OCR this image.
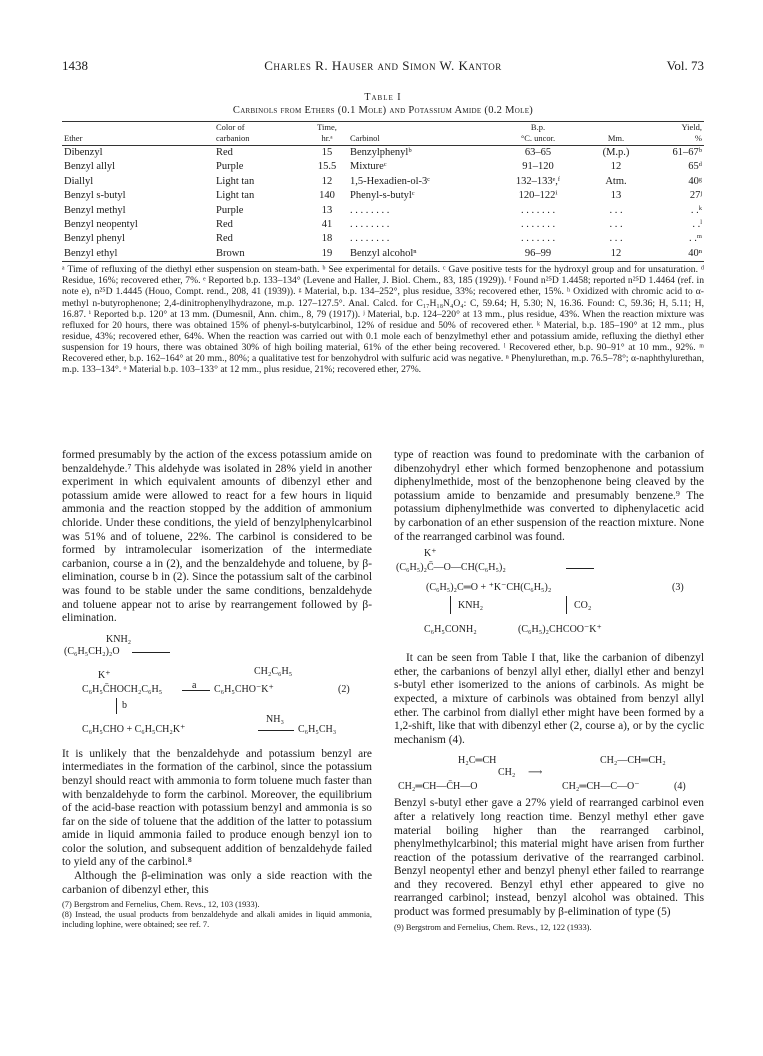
1438	Charles R. Hauser and Simon W. Kantor	Vol. 73
Table I
Carbinols from Ethers (0.1 Mole) and Potassium Amide (0.2 Mole)
	Color of	Time,		B.p.		Yield,
Ether	carbanion	hr.ᵃ	Carbinol	°C. uncor.	Mm.	%
Dibenzyl	Red	15	Benzylphenylᵇ	63–65	(M.p.)	61–67ᵇ
Benzyl allyl	Purple	15.5	Mixtureᶜ	91–120	12	65ᵈ
Diallyl	Light tan	12	1,5-Hexadien-ol-3ᶜ	132–133ᵉ,ᶠ	Atm.	40ᵍ
Benzyl s-butyl	Light tan	140	Phenyl-s-butylᶜ	120–122ⁱ	13	27ʲ
Benzyl methyl	Purple	13	. . . . . . . .	. . . . . . .	. . .	. .ᵏ
Benzyl neopentyl	Red	41	. . . . . . . .	. . . . . . .	. . .	. .ˡ
Benzyl phenyl	Red	18	. . . . . . . .	. . . . . . .	. . .	. .ᵐ
Benzyl ethyl	Brown	19	Benzyl alcoholⁿ	96–99	12	40ⁿ
ᵃ Time of refluxing of the diethyl ether suspension on steam-bath. ᵇ See experimental for details. ᶜ Gave positive tests for the hydroxyl group and for unsaturation. ᵈ Residue, 16%; recovered ether, 7%. ᵉ Reported b.p. 133–134° (Levene and Haller, J. Biol. Chem., 83, 185 (1929)). ᶠ Found n²⁵D 1.4458; reported n²⁵D 1.4464 (ref. in note e), n²⁵D 1.4445 (Houo, Compt. rend., 208, 41 (1939)). ᵍ Material, b.p. 134–252°, plus residue, 33%; recovered ether, 15%. ʰ Oxidized with chromic acid to α-methyl n-butyrophenone; 2,4-dinitrophenylhydrazone, m.p. 127–127.5°. Anal. Calcd. for C₁₇H₁₈N₄O₄: C, 59.64; H, 5.30; N, 16.36. Found: C, 59.36; H, 5.11; H, 16.87. ⁱ Reported b.p. 120° at 13 mm. (Dumesnil, Ann. chim., 8, 79 (1917)). ʲ Material, b.p. 124–220° at 13 mm., plus residue, 43%. When the reaction mixture was refluxed for 20 hours, there was obtained 15% of phenyl-s-butylcarbinol, 12% of residue and 50% of recovered ether. ᵏ Material, b.p. 185–190° at 12 mm., plus residue, 43%; recovered ether, 64%. When the reaction was carried out with 0.1 mole each of benzylmethyl ether and potassium amide, refluxing the diethyl ether suspension for 19 hours, there was obtained 30% of high boiling material, 61% of the ether being recovered. ˡ Recovered ether, b.p. 90–91° at 10 mm., 92%. ᵐ Recovered ether, b.p. 162–164° at 20 mm., 80%; a qualitative test for benzohydrol with sulfuric acid was negative. ⁿ Phenylurethan, m.p. 76.5–78°; α-naphthylurethan, m.p. 133–134°. ᵒ Material b.p. 103–133° at 12 mm., plus residue, 21%; recovered ether, 27%.

formed presumably by the action of the excess potassium amide on benzaldehyde.⁷ This aldehyde was isolated in 28% yield in another experiment in which equivalent amounts of dibenzyl ether and potassium amide were allowed to react for a few hours in liquid ammonia and the reaction stopped by the addition of ammonium chloride. Under these conditions, the yield of benzylphenylcarbinol was 51% and of toluene, 22%. The carbinol is considered to be formed by intramolecular isomerization of the intermediate carbanion, course a in (2), and the benzaldehyde and toluene, by β-elimination, course b in (2). Since the potassium salt of the carbinol was found to be stable under the same conditions, benzaldehyde and toluene appear not to arise by rearrangement followed by β-elimination.

KNH₂
(C₆H₅CH₂)₂O
K⁺	CH₂C₆H₅
a
C₆H₅C̄HOCH₂C₆H₅	C₆H₅CHO⁻K⁺	(2)
b
NH₃
C₆H₅CHO + C₆H₅CH₂K⁺	C₆H₅CH₃

It is unlikely that the benzaldehyde and potassium benzyl are intermediates in the formation of the carbinol, since the potassium benzyl should react with ammonia to form toluene much faster than with benzaldehyde to form the carbinol. Moreover, the equilibrium of the acid-base reaction with potassium benzyl and ammonia is so far on the side of toluene that the addition of the latter to potassium amide in liquid ammonia failed to produce enough benzyl ion to color the solution, and subsequent addition of benzaldehyde failed to yield any of the carbinol.⁸

Although the β-elimination was only a side reaction with the carbanion of dibenzyl ether, this

(7) Bergstrom and Fernelius, Chem. Revs., 12, 103 (1933).
(8) Instead, the usual products from benzaldehyde and alkali amides in liquid ammonia, including lophine, were obtained; see ref. 7.

type of reaction was found to predominate with the carbanion of dibenzohydryl ether which formed benzophenone and potassium diphenylmethide, most of the benzophenone being cleaved by the potassium amide to benzamide and presumably benzene.⁹ The potassium diphenylmethide was converted to diphenylacetic acid by carbonation of an ether suspension of the reaction mixture. None of the rearranged carbinol was found.

K⁺
(C₆H₅)₂C̄—O—CH(C₆H₅)₂
(C₆H₅)₂C═O + ⁺K⁻CH(C₆H₅)₂	(3)
KNH₂	CO₂
C₆H₅CONH₂	(C₆H₅)₂CHCOO⁻K⁺

It can be seen from Table I that, like the carbanion of dibenzyl ether, the carbanions of benzyl allyl ether, diallyl ether and benzyl s-butyl ether isomerized to the anions of carbinols. As might be expected, a mixture of carbinols was obtained from benzyl allyl ether. The carbinol from diallyl ether might have been formed by a 1,2-shift, like that with dibenzyl ether (2, course a), or by the cyclic mechanism (4).

H₂C═CH
CH₂
CH₂═CH—C̄H—O
⟶
CH₂—CH═CH₂
CH₂═CH—C—O⁻	(4)

Benzyl s-butyl ether gave a 27% yield of rearranged carbinol even after a relatively long reaction time. Benzyl methyl ether gave material boiling higher than the rearranged carbinol, phenylmethylcarbinol; this material might have arisen from further reaction of the potassium derivative of the rearranged carbinol. Benzyl neopentyl ether and benzyl phenyl ether failed to rearrange and they recovered. Benzyl ethyl ether appeared to give no rearranged carbinol; instead, benzyl alcohol was obtained. This product was formed presumably by β-elimination of type (5)

(9) Bergstrom and Fernelius, Chem. Revs., 12, 122 (1933).
